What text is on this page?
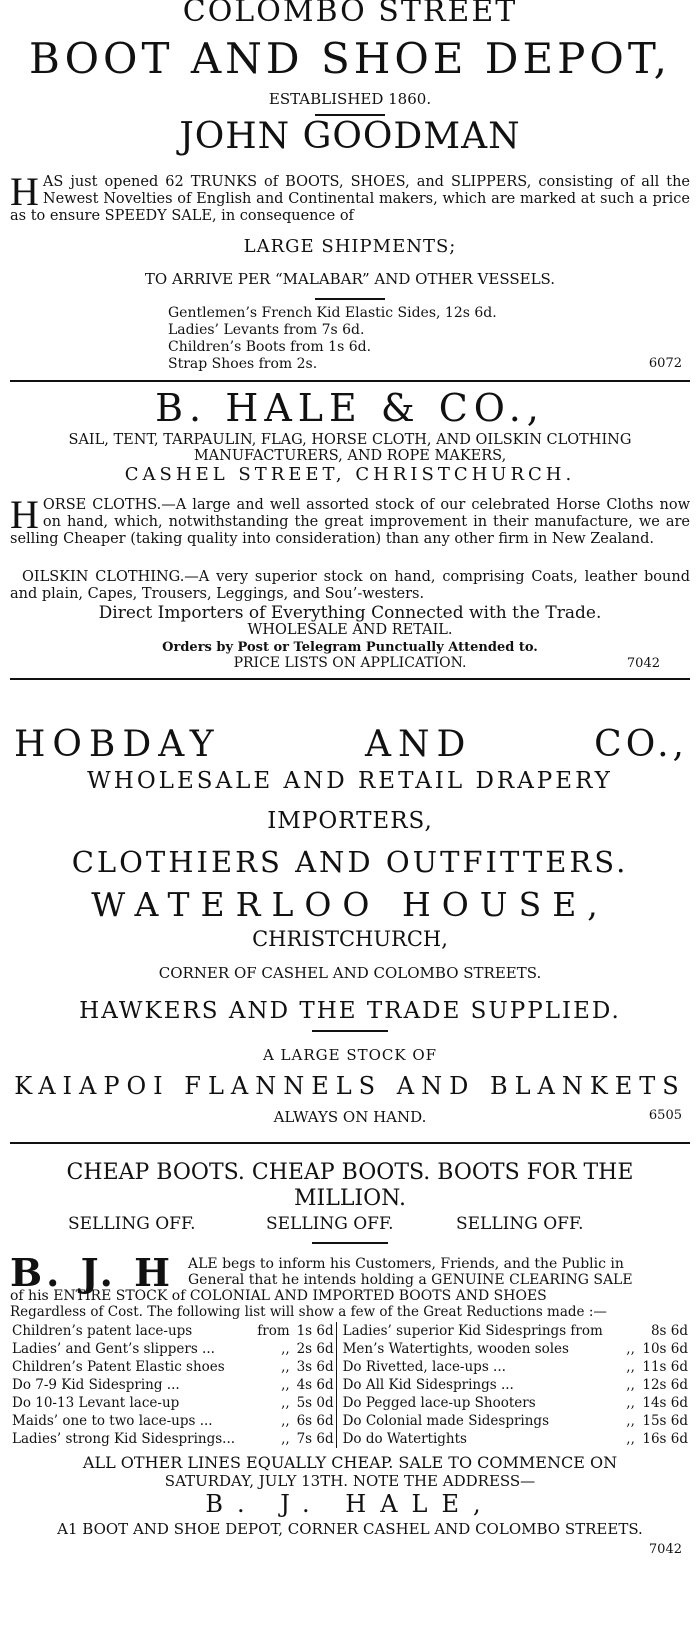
COLOMBO STREET
BOOT AND SHOE DEPOT,
ESTABLISHED 1860.
JOHN GOODMAN
H AS just opened 62 TRUNKS of BOOTS, SHOES, and SLIPPERS, consisting of all the Newest Novelties of English and Continental makers, which are marked at such a price as to ensure SPEEDY SALE, in consequence of
LARGE SHIPMENTS;
TO ARRIVE PER “MALABAR” AND OTHER VESSELS.
Gentlemen’s French Kid Elastic Sides, 12s 6d.
Ladies’ Levants from 7s 6d.
Children’s Boots from 1s 6d.
Strap Shoes from 2s.	6072
B. HALE & CO.,
SAIL, TENT, TARPAULIN, FLAG, HORSE CLOTH, AND OILSKIN CLOTHING
MANUFACTURERS, AND ROPE MAKERS,
CASHEL STREET, CHRISTCHURCH.
H ORSE CLOTHS.—A large and well assorted stock of our celebrated Horse Cloths now on hand, which, notwithstanding the great improvement in their manufacture, we are selling Cheaper (taking quality into consideration) than any other firm in New Zealand.
OILSKIN CLOTHING.—A very superior stock on hand, comprising Coats, leather bound and plain, Capes, Trousers, Leggings, and Sou’-westers.
Direct Importers of Everything Connected with the Trade.
WHOLESALE AND RETAIL.
Orders by Post or Telegram Punctually Attended to.
PRICE LISTS ON APPLICATION.	7042
HOBDAY	AND	CO.,
WHOLESALE AND RETAIL DRAPERY
IMPORTERS,
CLOTHIERS AND OUTFITTERS.
WATERLOO HOUSE,
CHRISTCHURCH,
CORNER OF CASHEL AND COLOMBO STREETS.
HAWKERS AND THE TRADE SUPPLIED.
A LARGE STOCK OF
KAIAPOI FLANNELS AND BLANKETS
ALWAYS ON HAND.	6505
CHEAP BOOTS. CHEAP BOOTS. BOOTS FOR THE
MILLION.
SELLING OFF.	SELLING OFF.	SELLING OFF.
B. J. H ALE begs to inform his Customers, Friends, and the Public in
General that he intends holding a GENUINE CLEARING SALE
of his ENTIRE STOCK of COLONIAL AND IMPORTED BOOTS AND SHOES
Regardless of Cost. The following list will show a few of the Great Reductions made :—
Children’s patent lace-ups	from	1s 6d	Ladies’ superior Kid Sidesprings from		8s 6d
Ladies’ and Gent’s slippers ...	,,	2s 6d	Men’s Watertights, wooden soles	,,	10s 6d
Children’s Patent Elastic shoes	,,	3s 6d	Do Rivetted, lace-ups ...	,,	11s 6d
Do 7-9 Kid Sidespring ...	,,	4s 6d	Do All Kid Sidesprings ...	,,	12s 6d
Do 10-13 Levant lace-up	,,	5s 0d	Do Pegged lace-up Shooters	,,	14s 6d
Maids’ one to two lace-ups ...	,,	6s 6d	Do Colonial made Sidesprings	,,	15s 6d
Ladies’ strong Kid Sidesprings...	,,	7s 6d	Do do Watertights	,,	16s 6d
ALL OTHER LINES EQUALLY CHEAP. SALE TO COMMENCE ON
SATURDAY, JULY 13TH. NOTE THE ADDRESS—
B. J. HALE,
A1 BOOT AND SHOE DEPOT, CORNER CASHEL AND COLOMBO STREETS.
7042
